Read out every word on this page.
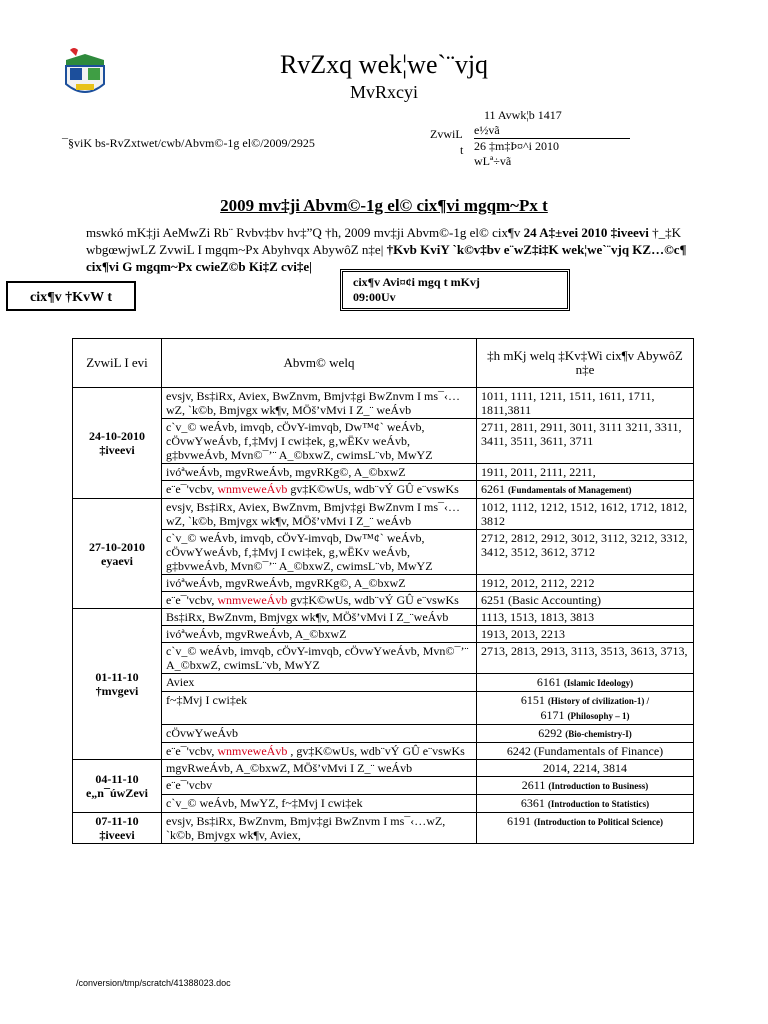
RvZxq wek¦we`¨vjq
MvRxcyi
¯§viK bs-RvZxtwet/cwb/Abvm©-1g el©/2009/2925
ZvwiL
t
11 Avwk¦b 1417
e½vã
26 ‡m‡Þ¤^i 2010
wLª÷vã
2009 mv‡ji Abvm©-1g el© cix¶vi mgqm~Px t
mswkó mK‡ji AeMwZi Rb¨ Rvbv‡bv hv‡”Q †h, 2009 mv‡ji Abvm©-1g el© cix¶v 24 A‡±vei 2010 ‡iveevi †_‡K wbgœwjwLZ ZvwiL I mgqm~Px Abyhvqx AbywôZ n‡e| †Kvb KviY `k©v‡bv e¨wZ‡i‡K wek¦we`¨vjq KZ…©c¶ cix¶vi G mgqm~Px cwieZ©b Ki‡Z cvi‡e|
cix¶v †KvW t
cix¶v Avi¤¢i mgq t mKvj
09:00Uv
ZvwiL I evi	Abvm© welq	‡h mKj welq ‡Kv‡Wi cix¶v AbywôZ n‡e
24-10-2010 ‡iveevi	evsjv, Bs‡iRx, Aviex, BwZnvm, Bmjv‡gi BwZnvm I ms¯‹…wZ, `k©b, Bmjvgx wk¶v, MÖš’vMvi I Z_¨ weÁvb	1011, 1111, 1211, 1511, 1611, 1711, 1811,3811
	c`v_© weÁvb, imvqb, cÖvY-imvqb, Dw™¢` weÁvb, cÖvwYweÁvb, f‚‡Mvj I cwi‡ek, g‚wËKv weÁvb, g‡bvweÁvb, Mvn©¯’¨ A_©bxwZ, cwimsL¨vb, MwYZ	2711, 2811, 2911, 3011, 3111 3211, 3311, 3411, 3511, 3611, 3711
	ivóªweÁvb, mgvRweÁvb, mgvRKg©, A_©bxwZ	1911, 2011, 2111, 2211,
	e¨e¯'vcbv, wnmveweÁvb gv‡K©wUs, wdb¨vÝ GÛ e¨vswKs	6261 (Fundamentals of Management)
27-10-2010 eyaevi	evsjv, Bs‡iRx, Aviex, BwZnvm, Bmjv‡gi BwZnvm I ms¯‹…wZ, `k©b, Bmjvgx wk¶v, MÖš’vMvi I Z_¨ weÁvb	1012, 1112, 1212, 1512, 1612, 1712, 1812, 3812
	c`v_© weÁvb, imvqb, cÖvY-imvqb, Dw™¢` weÁvb, cÖvwYweÁvb, f‚‡Mvj I cwi‡ek, g‚wËKv weÁvb, g‡bvweÁvb, Mvn©¯’¨ A_©bxwZ, cwimsL¨vb, MwYZ	2712, 2812, 2912, 3012, 3112, 3212, 3312, 3412, 3512, 3612, 3712
	ivóªweÁvb, mgvRweÁvb, mgvRKg©, A_©bxwZ	1912, 2012, 2112, 2212
	e¨e¯'vcbv, wnmveweÁvb gv‡K©wUs, wdb¨vÝ GÛ e¨vswKs	6251 (Basic Accounting)
01-11-10 †mvgevi	Bs‡iRx, BwZnvm, Bmjvgx wk¶v, MÖš’vMvi I Z_¨weÁvb	1113, 1513, 1813, 3813
	ivóªweÁvb, mgvRweÁvb, A_©bxwZ	1913, 2013, 2213
	c`v_© weÁvb, imvqb, cÖvY-imvqb, cÖvwYweÁvb, Mvn©¯’¨ A_©bxwZ, cwimsL¨vb, MwYZ	2713, 2813, 2913, 3113, 3513, 3613, 3713,
	Aviex	6161 (Islamic Ideology)
	f~‡Mvj I cwi‡ek	6151 (History of civilization-1) /
6171 (Philosophy – 1)
	cÖvwYweÁvb	6292 (Bio-chemistry-I)
	e¨e¯'vcbv, wnmveweÁvb , gv‡K©wUs, wdb¨vÝ GÛ e¨vswKs	6242 (Fundamentals of Finance)
04-11-10 e„n¯úwZevi	mgvRweÁvb, A_©bxwZ, MÖš’vMvi I Z_¨ weÁvb	2014, 2214, 3814
	e¨e¯'vcbv	2611 (Introduction to Business)
	c`v_© weÁvb, MwYZ, f~‡Mvj I cwi‡ek	6361 (Introduction to Statistics)
07-11-10 ‡iveevi	evsjv, Bs‡iRx, BwZnvm, Bmjv‡gi BwZnvm I ms¯‹…wZ, `k©b, Bmjvgx wk¶v, Aviex,	6191 (Introduction to Political Science)
/conversion/tmp/scratch/41388023.doc
